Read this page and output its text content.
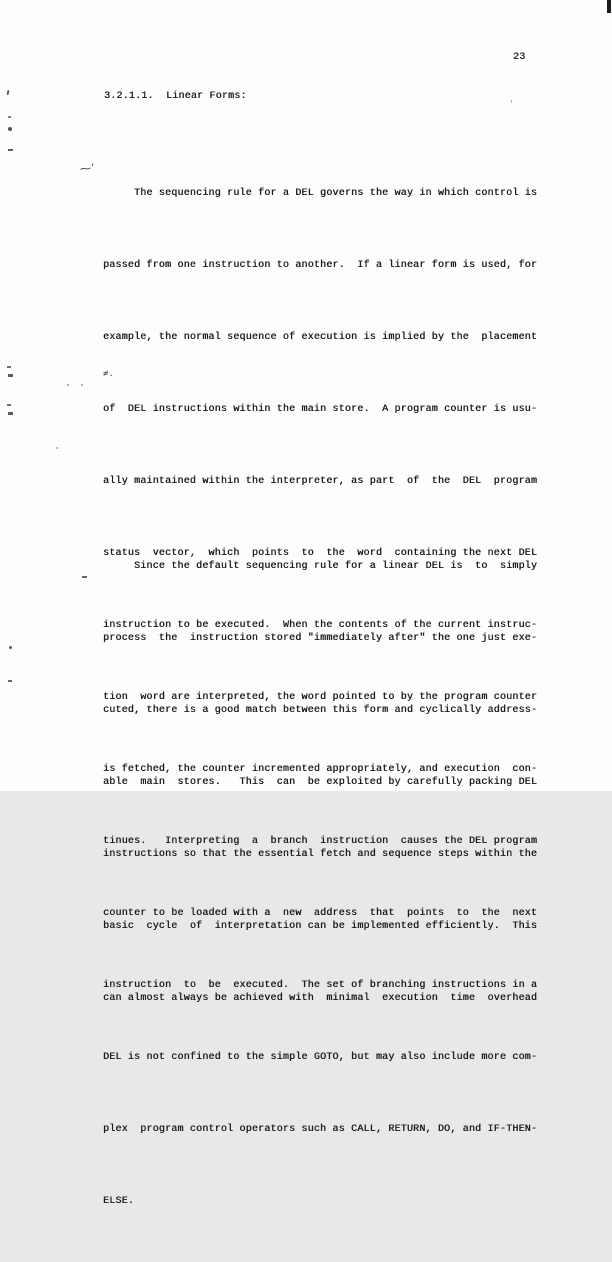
23
3.2.1.1.  Linear Forms:

The sequencing rule for a DEL governs the way in which control is

passed from one instruction to another.  If a linear form is used, for

example, the normal sequence of execution is implied by the  placement

of  DEL instructions within the main store.  A program counter is usu-

ally maintained within the interpreter, as part  of  the  DEL  program

status  vector,  which  points  to  the  word  containing the next DEL

instruction to be executed.  When the contents of the current instruc-

tion  word are interpreted, the word pointed to by the program counter

is fetched, the counter incremented appropriately, and execution  con-

tinues.   Interpreting  a  branch  instruction  causes the DEL program

counter to be loaded with a  new  address  that  points  to  the  next

instruction  to  be  executed.  The set of branching instructions in a

DEL is not confined to the simple GOTO, but may also include more com-

plex  program control operators such as CALL, RETURN, DO, and IF-THEN-

ELSE.

Since the default sequencing rule for a linear DEL is  to  simply

process  the  instruction stored "immediately after" the one just exe-

cuted, there is a good match between this form and cyclically address-

able  main  stores.   This  can  be exploited by carefully packing DEL

instructions so that the essential fetch and sequence steps within the

basic  cycle  of  interpretation can be implemented efficiently.  This

can almost always be achieved with  minimal  execution  time  overhead

≠.
⁓ʼ
'
